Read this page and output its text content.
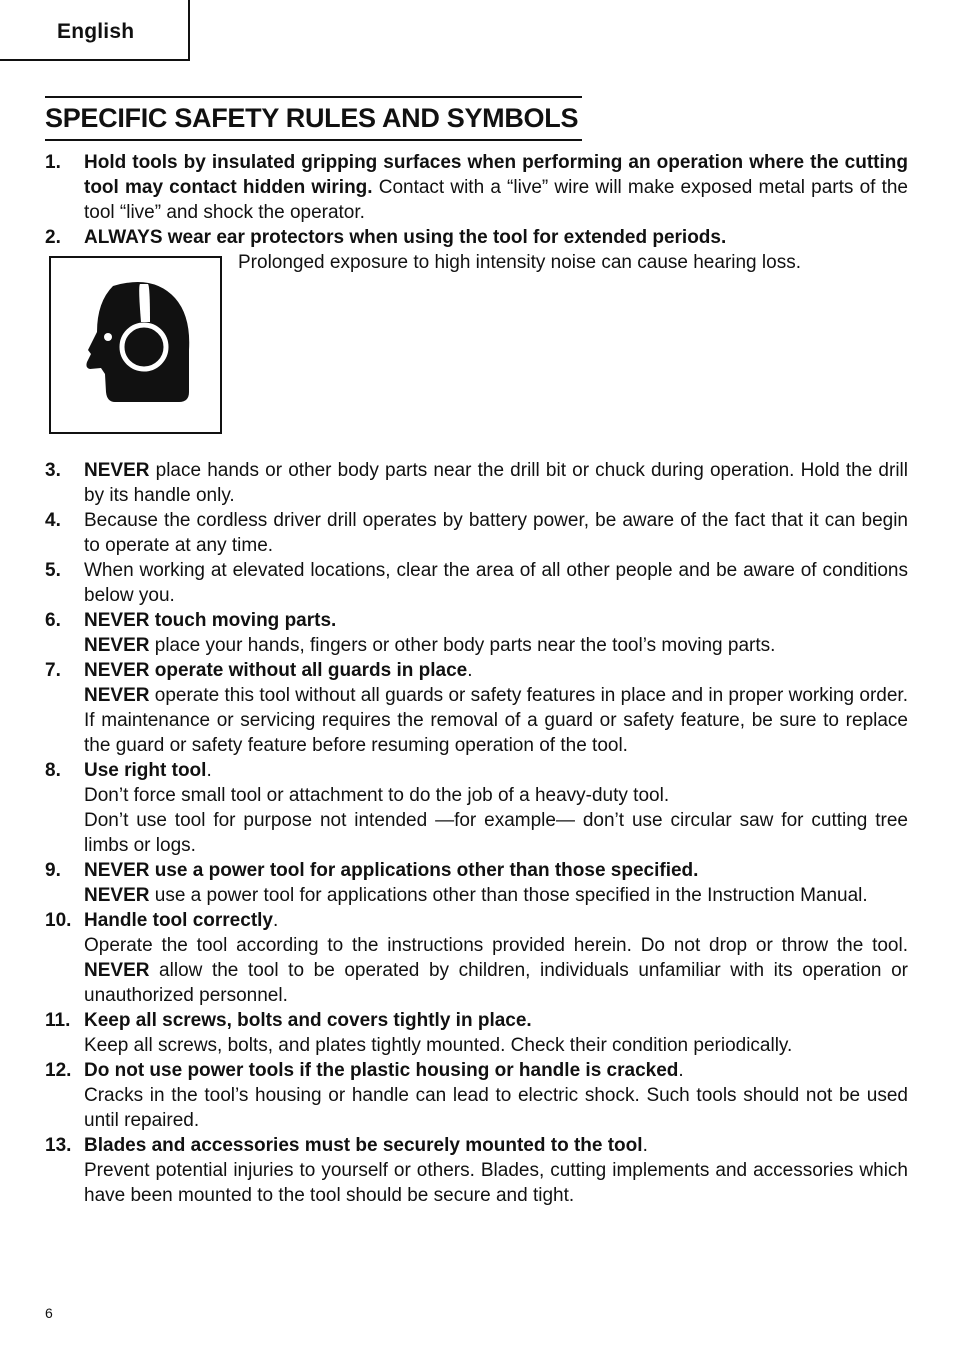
English
SPECIFIC SAFETY RULES AND SYMBOLS
1. Hold tools by insulated gripping surfaces when performing an operation where the cutting tool may contact hidden wiring. Contact with a “live” wire will make exposed metal parts of the tool “live” and shock the operator.

2. ALWAYS wear ear protectors when using the tool for extended periods.

Prolonged exposure to high intensity noise can cause hearing loss.
3. NEVER place hands or other body parts near the drill bit or chuck during operation. Hold the drill by its handle only.

4. Because the cordless driver drill operates by battery power, be aware of the fact that it can begin to operate at any time.

5. When working at elevated locations, clear the area of all other people and be aware of conditions below you.

6. NEVER touch moving parts.

NEVER place your hands, fingers or other body parts near the tool’s moving parts.

7. NEVER operate without all guards in place.

NEVER operate this tool without all guards or safety features in place and in proper working order. If maintenance or servicing requires the removal of a guard or safety feature, be sure to replace the guard or safety feature before resuming operation of the tool.

8. Use right tool.

Don’t force small tool or attachment to do the job of a heavy-duty tool.

Don’t use tool for purpose not intended —for example— don’t use circular saw for cutting tree limbs or logs.

9. NEVER use a power tool for applications other than those specified.

NEVER use a power tool for applications other than those specified in the Instruction Manual.

10. Handle tool correctly.

Operate the tool according to the instructions provided herein. Do not drop or throw the tool. NEVER allow the tool to be operated by children, individuals unfamiliar with its operation or unauthorized personnel.

11. Keep all screws, bolts and covers tightly in place.

Keep all screws, bolts, and plates tightly mounted. Check their condition periodically.

12. Do not use power tools if the plastic housing or handle is cracked.

Cracks in the tool’s housing or handle can lead to electric shock. Such tools should not be used until repaired.

13. Blades and accessories must be securely mounted to the tool.

Prevent potential injuries to yourself or others. Blades, cutting implements and accessories which have been mounted to the tool should be secure and tight.

6
